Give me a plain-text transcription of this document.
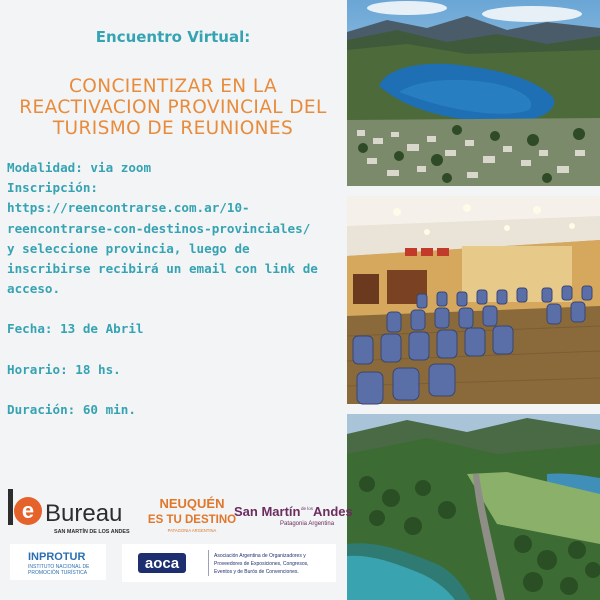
Encuentro Virtual:
CONCIENTIZAR EN LA
REACTIVACION PROVINCIAL DEL
TURISMO DE REUNIONES

Modalidad: via zoom

Inscripción:

https://reencontrarse.com.ar/10-

reencontrarse-con-destinos-provinciales/

y seleccione provincia, luego de

inscribirse recibirá un email con link de

acceso.

Fecha: 13 de Abril

Horario: 18 hs.

Duración: 60 min.

e Bureau
SAN MARTÍN DE LOS ANDES
NEUQUÉN
ES TU DESTINO
PATAGONIA ARGENTINA
San Martín de los Andes
Patagonia Argentina
INPROTUR
INSTITUTO NACIONAL DE
PROMOCIÓN TURÍSTICA
aoca	Asociación Argentina de Organizadores y
Proveedores de Exposiciones, Congresos,
Eventos y de Burós de Convenciones.
